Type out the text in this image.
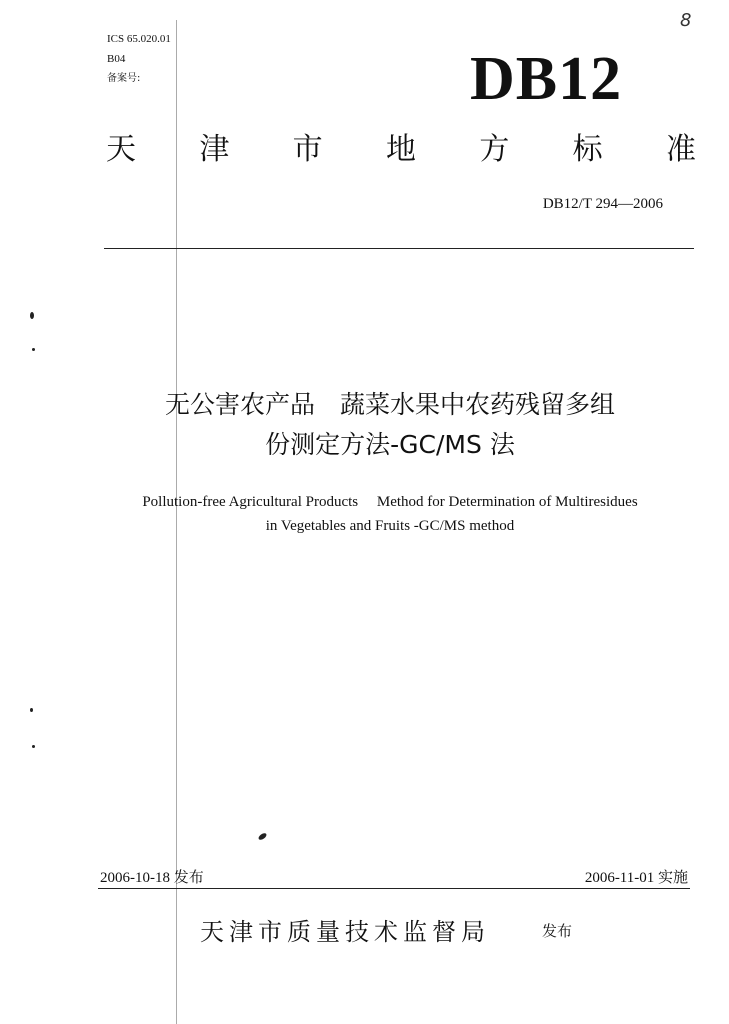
ICS 65.020.01
B04
备案号:
8
DB12
天 津 市 地 方 标 准
DB12/T 294—2006
无公害农产品　蔬菜水果中农药残留多组
份测定方法-GC/MS 法
Pollution-free Agricultural Products　 Method for Determination of Multiresidues
in Vegetables and Fruits -GC/MS method
2006-10-18 发布	2006-11-01 实施
天津市质量技术监督局	发布
